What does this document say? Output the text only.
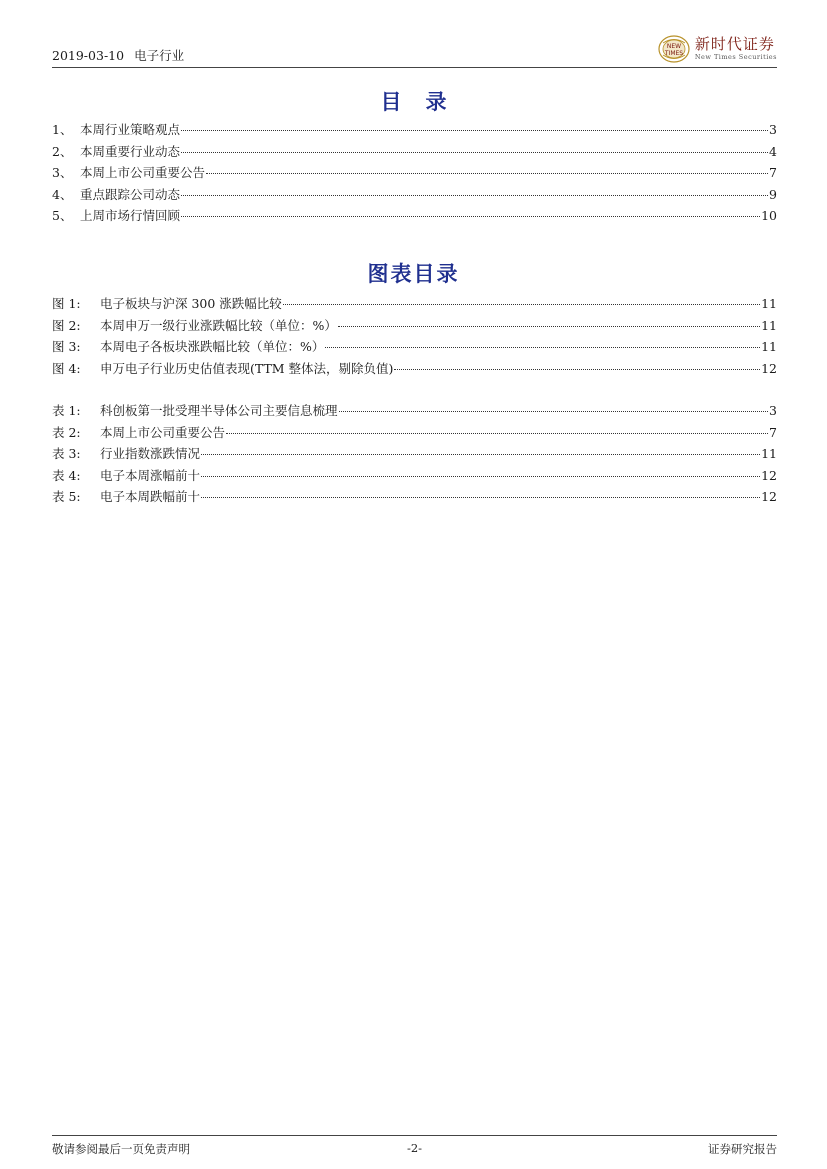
2019-03-10 电子行业
NEW
TIMES
新时代证券
New Times Securities
目录
1、 本周行业策略观点	3
2、 本周重要行业动态	4
3、 本周上市公司重要公告	7
4、 重点跟踪公司动态	9
5、 上周市场行情回顾	10
图表目录
图 1:	电子板块与沪深 300 涨跌幅比较	11
图 2:	本周申万一级行业涨跌幅比较（单位：%）	11
图 3:	本周电子各板块涨跌幅比较（单位：%）	11
图 4:	申万电子行业历史估值表现(TTM 整体法，剔除负值)	12
表 1:	科创板第一批受理半导体公司主要信息梳理	3
表 2:	本周上市公司重要公告	7
表 3:	行业指数涨跌情况	11
表 4:	电子本周涨幅前十	12
表 5:	电子本周跌幅前十	12
敬请参阅最后一页免责声明	-2-	证券研究报告
